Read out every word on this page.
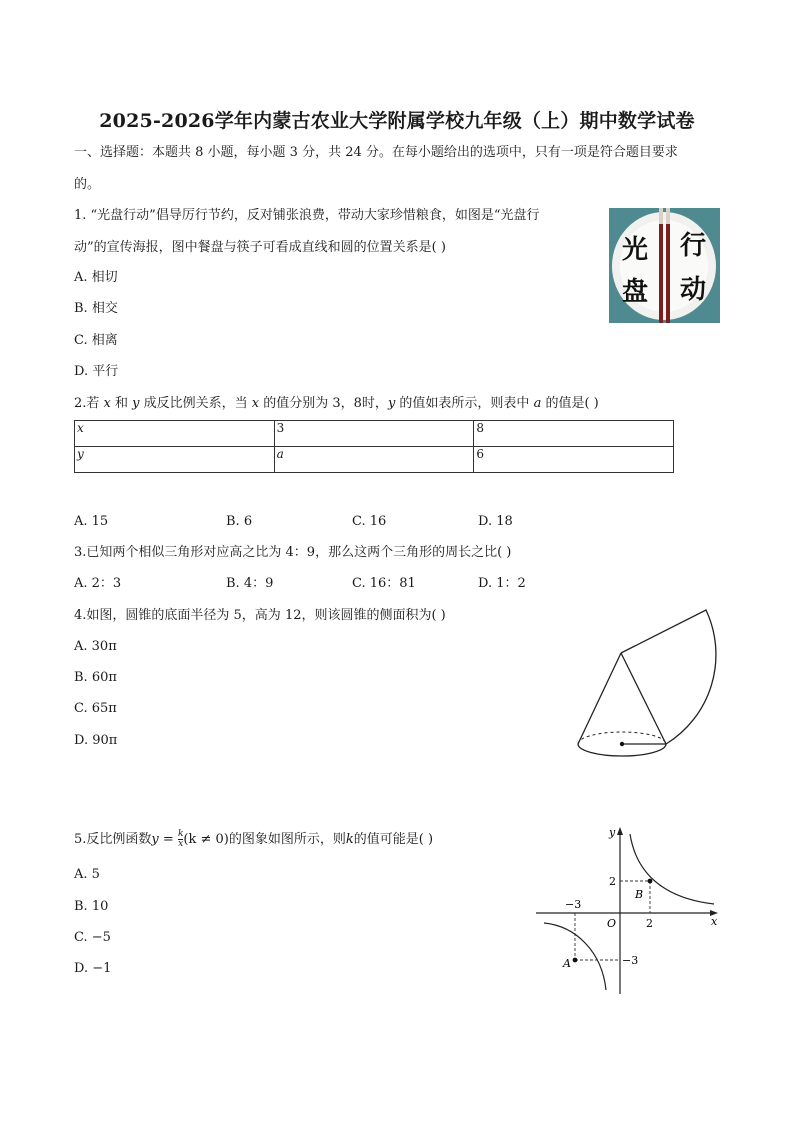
2025-2026学年内蒙古农业大学附属学校九年级（上）期中数学试卷
一、选择题：本题共 8 小题，每小题 3 分，共 24 分。在每小题给出的选项中，只有一项是符合题目要求
的。
1. “光盘行动”倡导厉行节约，反对铺张浪费，带动大家珍惜粮食，如图是“光盘行
动”的宣传海报，图中餐盘与筷子可看成直线和圆的位置关系是( )
A. 相切
B. 相交
C. 相离
D. 平行
光 行
盘 动
2.若 x 和 y 成反比例关系，当 x 的值分别为 3，8时，y 的值如表所示，则表中 a 的值是( )
x	3	8
y	a	6
A. 15	B. 6	C. 16	D. 18
3.已知两个相似三角形对应高之比为 4：9，那么这两个三角形的周长之比( )
A. 2：3	B. 4：9	C. 16：81	D. 1：2
4.如图，圆锥的底面半径为 5，高为 12，则该圆锥的侧面积为( )
A. 30π
B. 60π
C. 65π
D. 90π
5.反比例函数$y = \frac{k}{x} (k \ne 0)$的图象如图所示，则k的值可能是( )
A. 5
B. 10
C. −5
D. −1
y
x
O
2
2
−3
−3
A
B
